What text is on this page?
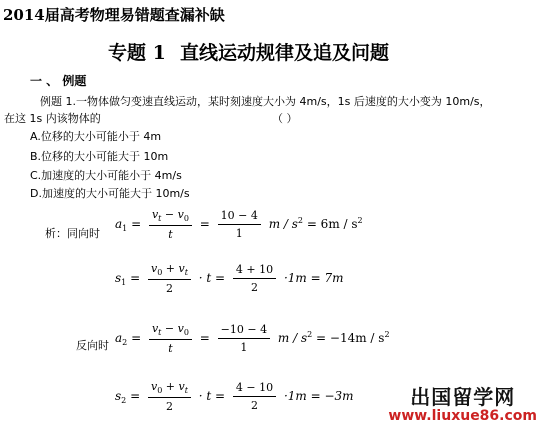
2014届高考物理易错题查漏补缺
专题 1 直线运动规律及追及问题
一 、 例题
例题 1.一物体做匀变速直线运动，某时刻速度大小为 4m/s，1s 后速度的大小变为 10m/s，
在这 1s 内该物体的	（ ）
A.位移的大小可能小于 4m
B.位移的大小可能大于 10m
C.加速度的大小可能小于 4m/s
D.加速度的大小可能大于 10m/s
析：同向时
$a_1 = \frac{v_t - v_0}{t} = \frac{10 - 4}{1}$ $m / s^2 = 6m / s^2$
$s_1 = \frac{v_0 + v_t}{2} \cdot t = \frac{4 + 10}{2} \cdot 1m = 7m$
反向时
$a_2 = \frac{v_t - v_0}{t} = \frac{-10 - 4}{1}$ $m / s^2 = -14m / s^2$
$s_2 = \frac{v_0 + v_t}{2} \cdot t = \frac{4 - 10}{2} \cdot 1m = -3m$	出国留学网
www.liuxue86.com
